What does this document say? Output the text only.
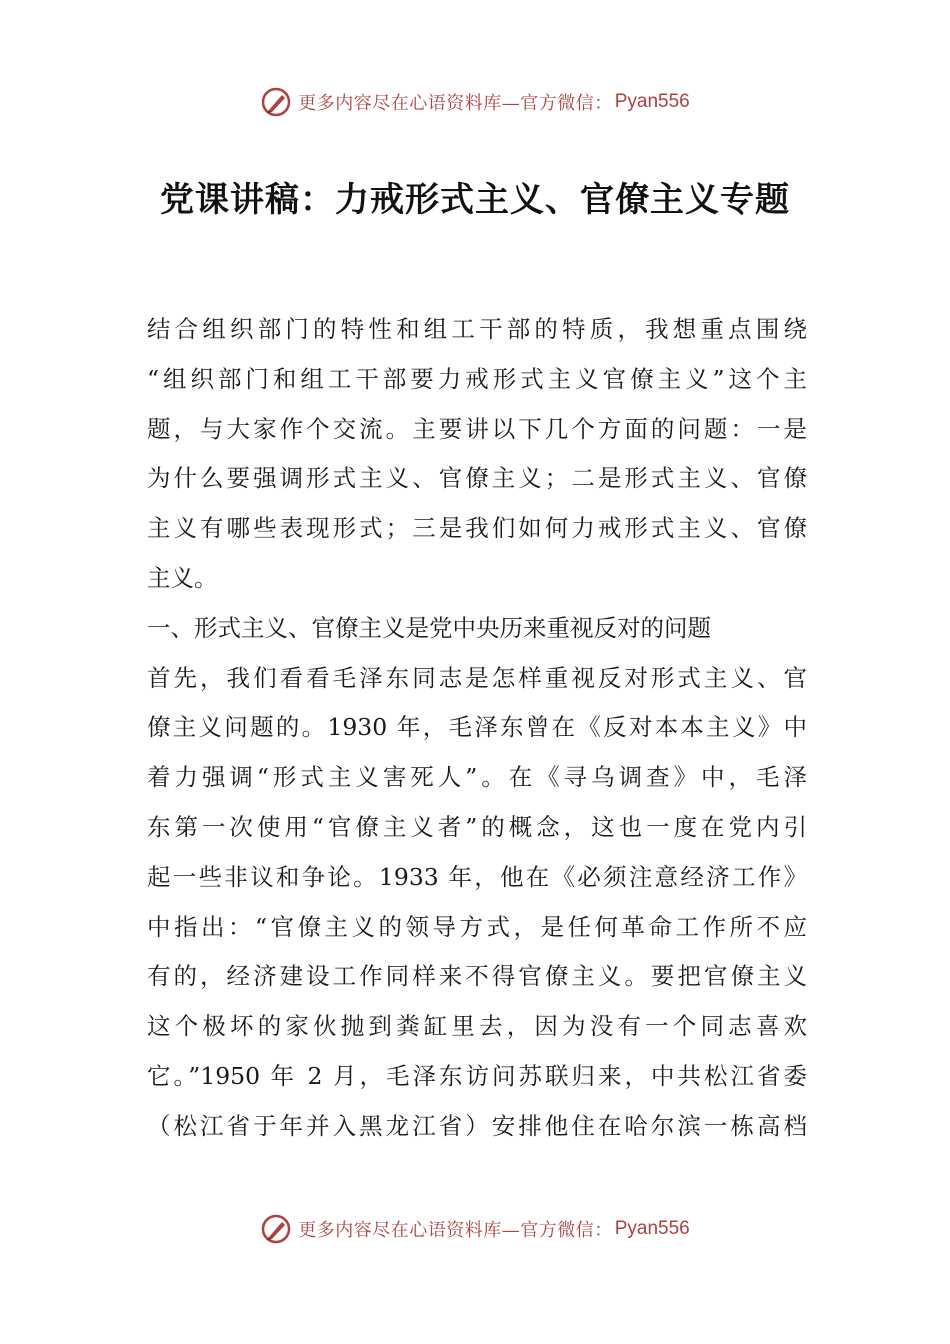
更多内容尽在心语资料库—官方微信： Pyan556
党课讲稿：力戒形式主义、官僚主义专题
结合组织部门的特性和组工干部的特质，我想重点围绕
“组织部门和组工干部要力戒形式主义官僚主义”这个主
题，与大家作个交流。主要讲以下几个方面的问题：一是
为什么要强调形式主义、官僚主义；二是形式主义、官僚
主义有哪些表现形式；三是我们如何力戒形式主义、官僚
主义。
一、形式主义、官僚主义是党中央历来重视反对的问题
首先，我们看看毛泽东同志是怎样重视反对形式主义、官
僚主义问题的。1930 年，毛泽东曾在《反对本本主义》中
着力强调“形式主义害死人”。在《寻乌调查》中，毛泽
东第一次使用“官僚主义者”的概念，这也一度在党内引
起一些非议和争论。1933 年，他在《必须注意经济工作》
中指出：“官僚主义的领导方式，是任何革命工作所不应
有的，经济建设工作同样来不得官僚主义。要把官僚主义
这个极坏的家伙抛到粪缸里去，因为没有一个同志喜欢
它。”1950 年 2 月，毛泽东访问苏联归来，中共松江省委
（松江省于年并入黑龙江省）安排他住在哈尔滨一栋高档
更多内容尽在心语资料库—官方微信： Pyan556
